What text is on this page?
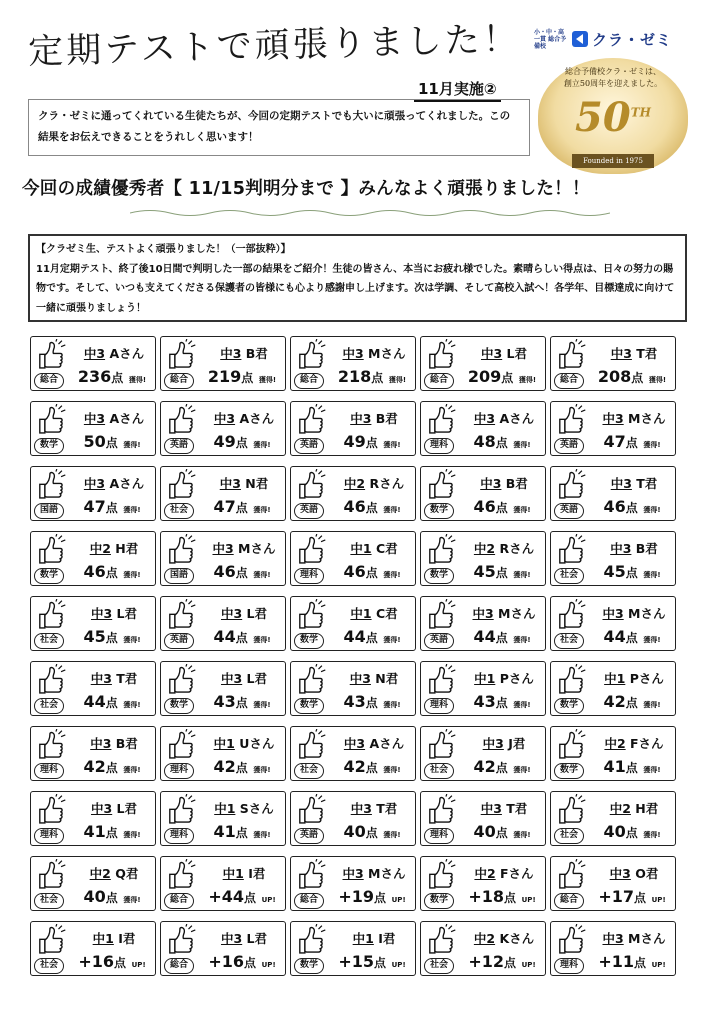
定期テストで頑張りました！
11月実施②
小・中・高一貫 総合予備校	クラ・ゼミ
総合予備校クラ・ゼミは、
創立50周年を迎えました。
50TH
Founded in 1975
クラ・ゼミに通ってくれている生徒たちが、今回の定期テストでも大いに頑張ってくれました。この結果をお伝えできることをうれしく思います！
今回の成績優秀者【 11/15判明分まで 】みんなよく頑張りました！！
【クラゼミ生、テストよく頑張りました！（一部抜粋）】
11月定期テスト、終了後10日間で判明した一部の結果をご紹介！生徒の皆さん、本当にお疲れ様でした。素晴らしい得点は、日々の努力の賜物です。そして、いつも支えてくださる保護者の皆様にも心より感謝申し上げます。次は学調、そして高校入試へ！各学年、目標達成に向けて一緒に頑張りましょう！
中3 Aさん
総合	236点 獲得!
中3 B君
総合	219点 獲得!
中3 Mさん
総合	218点 獲得!
中3 L君
総合	209点 獲得!
中3 T君
総合	208点 獲得!
中3 Aさん
数学	50点 獲得!
中3 Aさん
英語	49点 獲得!
中3 B君
英語	49点 獲得!
中3 Aさん
理科	48点 獲得!
中3 Mさん
英語	47点 獲得!
中3 Aさん
国語	47点 獲得!
中3 N君
社会	47点 獲得!
中2 Rさん
英語	46点 獲得!
中3 B君
数学	46点 獲得!
中3 T君
英語	46点 獲得!
中2 H君
数学	46点 獲得!
中3 Mさん
国語	46点 獲得!
中1 C君
理科	46点 獲得!
中2 Rさん
数学	45点 獲得!
中3 B君
社会	45点 獲得!
中3 L君
社会	45点 獲得!
中3 L君
英語	44点 獲得!
中1 C君
数学	44点 獲得!
中3 Mさん
英語	44点 獲得!
中3 Mさん
社会	44点 獲得!
中3 T君
社会	44点 獲得!
中3 L君
数学	43点 獲得!
中3 N君
数学	43点 獲得!
中1 Pさん
理科	43点 獲得!
中1 Pさん
数学	42点 獲得!
中3 B君
理科	42点 獲得!
中1 Uさん
理科	42点 獲得!
中3 Aさん
社会	42点 獲得!
中3 J君
社会	42点 獲得!
中2 Fさん
数学	41点 獲得!
中3 L君
理科	41点 獲得!
中1 Sさん
理科	41点 獲得!
中3 T君
英語	40点 獲得!
中3 T君
理科	40点 獲得!
中2 H君
社会	40点 獲得!
中2 Q君
社会	40点 獲得!
中1 I君
総合	+44点 UP!
中3 Mさん
総合	+19点 UP!
中2 Fさん
数学	+18点 UP!
中3 O君
総合	+17点 UP!
中1 I君
社会	+16点 UP!
中3 L君
総合	+16点 UP!
中1 I君
数学	+15点 UP!
中2 Kさん
社会	+12点 UP!
中3 Mさん
理科	+11点 UP!
